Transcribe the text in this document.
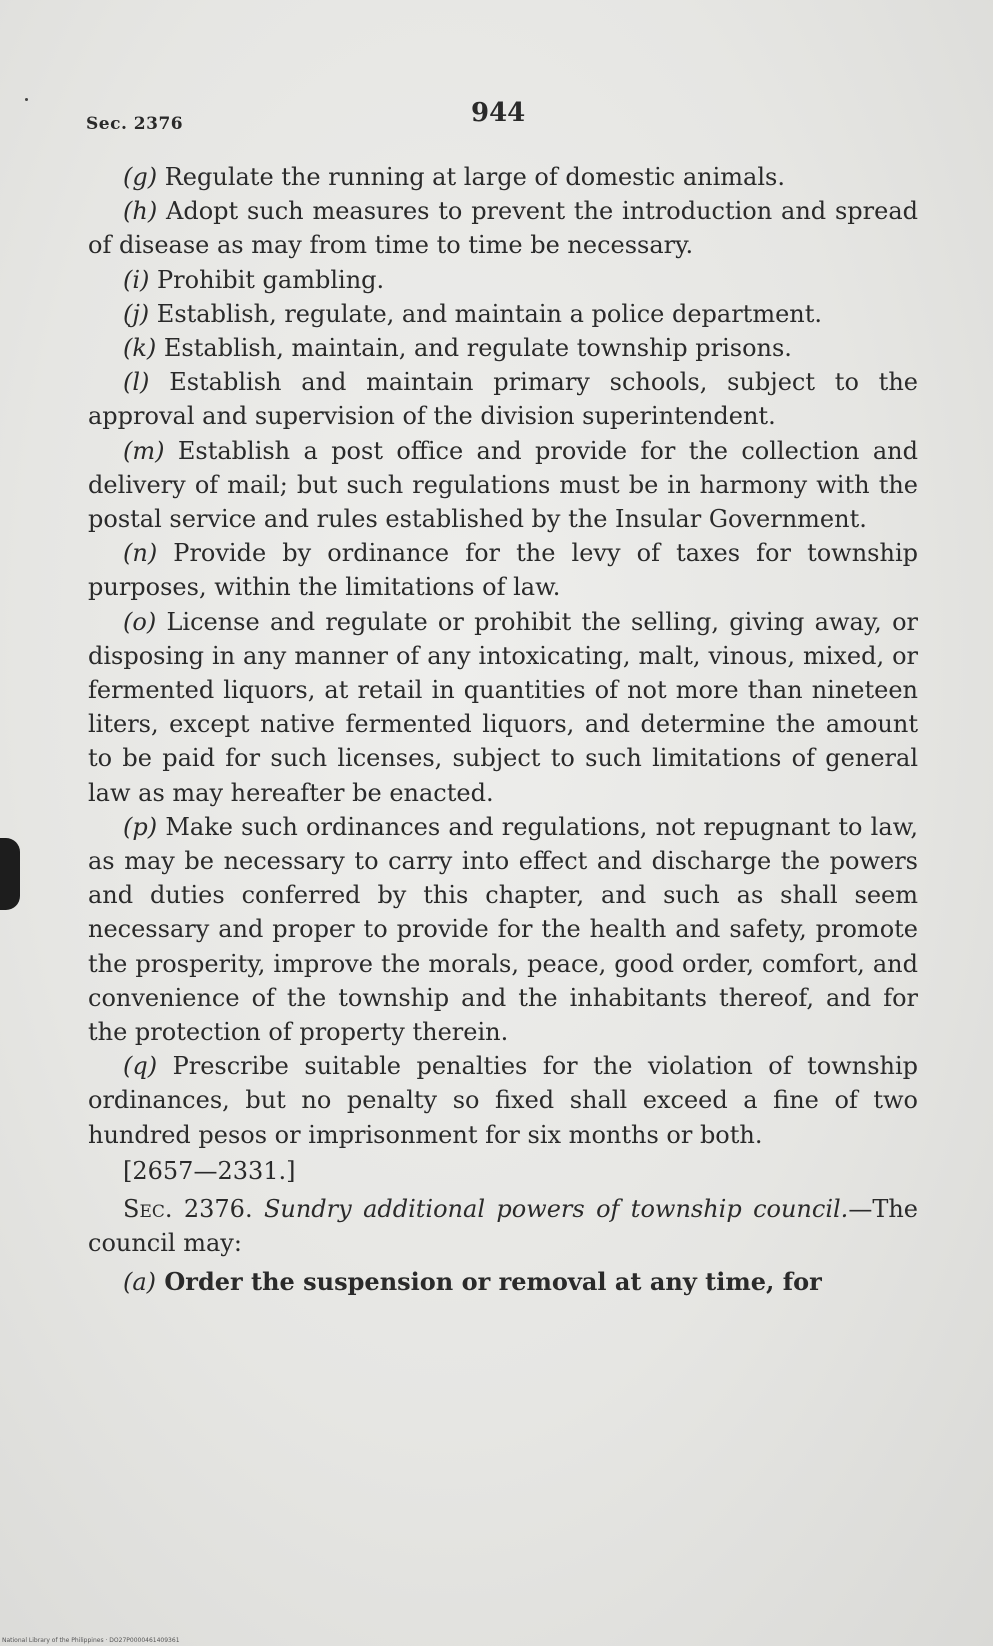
Sec. 2376	944

(g) Regulate the running at large of domestic animals.

(h) Adopt such measures to prevent the introduction and spread of disease as may from time to time be necessary.

(i) Prohibit gambling.

(j) Establish, regulate, and maintain a police department.

(k) Establish, maintain, and regulate township prisons.

(l) Establish and maintain primary schools, subject to the approval and supervision of the division superintendent.

(m) Establish a post office and provide for the collection and delivery of mail; but such regulations must be in harmony with the postal service and rules established by the Insular Government.

(n) Provide by ordinance for the levy of taxes for township purposes, within the limitations of law.

(o) License and regulate or prohibit the selling, giving away, or disposing in any manner of any intoxicating, malt, vinous, mixed, or fermented liquors, at retail in quantities of not more than nineteen liters, except native fermented liquors, and determine the amount to be paid for such licenses, subject to such limitations of general law as may hereafter be enacted.

(p) Make such ordinances and regulations, not repugnant to law, as may be necessary to carry into effect and discharge the powers and duties conferred by this chapter, and such as shall seem necessary and proper to provide for the health and safety, promote the prosperity, improve the morals, peace, good order, comfort, and convenience of the township and the inhabitants thereof, and for the protection of property therein.

(q) Prescribe suitable penalties for the violation of township ordinances, but no penalty so fixed shall exceed a fine of two hundred pesos or imprisonment for six months or both.

[2657—2331.]

Sec. 2376. Sundry additional powers of township council.—The council may:

(a) Order the suspension or removal at any time, for

National Library of the Philippines · DO27P0000461409361
